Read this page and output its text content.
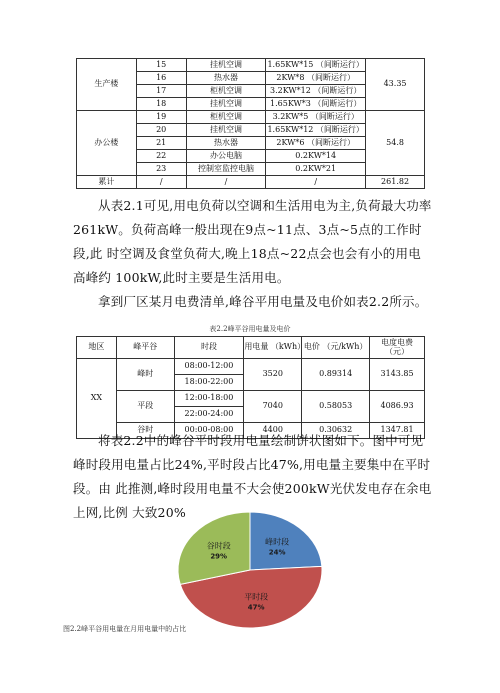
生产楼	15	挂机空调	1.65KW*15 （间断运行）	43.35
	16	热水器	2KW*8 （间断运行）	
	17	柜机空调	3.2KW*12 （间断运行）	
	18	挂机空调	1.65KW*3 （间断运行）	
办公楼	19	柜机空调	3.2KW*5 （间断运行）	54.8
	20	挂机空调	1.65KW*12 （间断运行）	
	21	热水器	2KW*6 （间断运行）	
	22	办公电脑	0.2KW*14	
	23	控制室监控电脑	0.2KW*21	
累计	/	/	/	261.82
从表2.1可见,用电负荷以空调和生活用电为主,负荷最大功率261kW。负荷高峰一般出现在9点~11点、3点~5点的工作时段,此 时空调及食堂负荷大,晚上18点~22点会也会有小的用电高峰约 100kW,此时主要是生活用电。
拿到厂区某月电费清单,峰谷平用电量及电价如表2.2所示。
表2.2峰平谷用电量及电价
地区	峰平谷	时段	用电量 （kWh）	电价 （元/kWh）	电度电费 （元）
XX	峰时	08:00-12:00	3520	0.89314	3143.85
		18:00-22:00			
	平段	12:00-18:00	7040	0.58053	4086.93
		22:00-24:00			
	谷时	00:00-08:00	4400	0.30632	1347.81
将表2.2中的峰谷平时段用电量绘制饼状图如下。图中可见峰时段用电量占比24%,平时段占比47%,用电量主要集中在平时段。由 此推测,峰时段用电量不大会使200kW光伏发电存在余电上网,比例 大致20%
峰时段
24%
平时段
47%
谷时段
29%
图2.2峰平谷用电量在月用电量中的占比
